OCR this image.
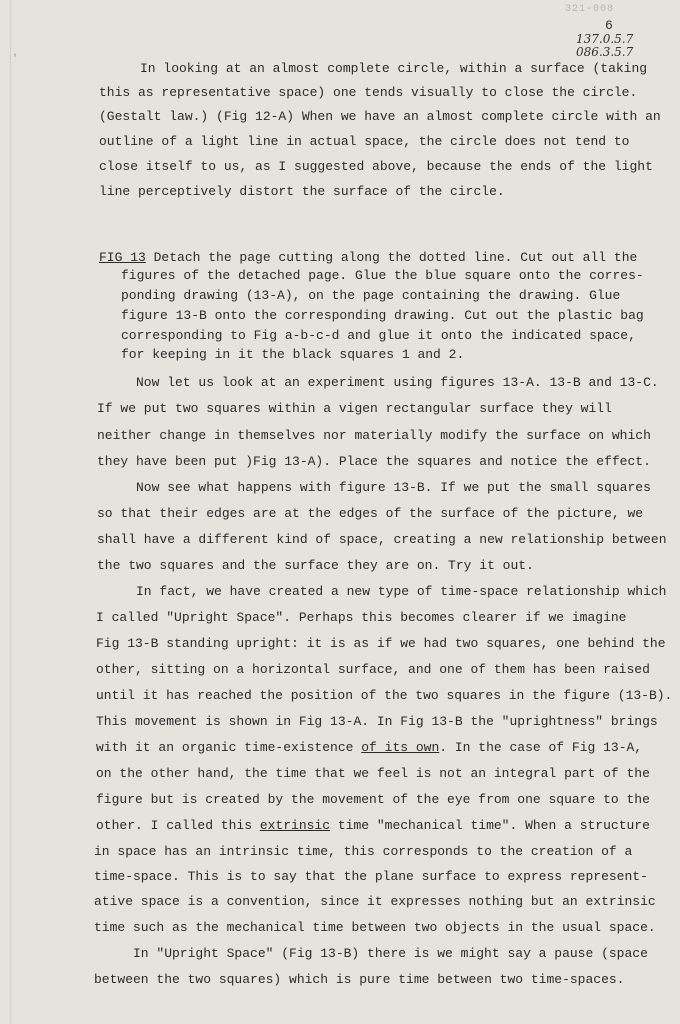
'
321-008
6
137.0.5.7
086.3.5.7
In looking at an almost complete circle, within a surface (taking
this as representative space) one tends visually to close the circle.
(Gestalt law.) (Fig 12-A) When we have an almost complete circle with an
outline of a light line in actual space, the circle does not tend to
close itself to us, as I suggested above, because the ends of the light
line perceptively distort the surface of the circle.
FIG 13 Detach the page cutting along the dotted line. Cut out all the
figures of the detached page. Glue the blue square onto the corres-
ponding drawing (13-A), on the page containing the drawing. Glue
figure 13-B onto the corresponding drawing. Cut out the plastic bag
corresponding to Fig a-b-c-d and glue it onto the indicated space,
for keeping in it the black squares 1 and 2.
Now let us look at an experiment using figures 13-A. 13-B and 13-C.
If we put two squares within a vigen rectangular surface they will
neither change in themselves nor materially modify the surface on which
they have been put )Fig 13-A). Place the squares and notice the effect.
Now see what happens with figure 13-B. If we put the small squares
so that their edges are at the edges of the surface of the picture, we
shall have a different kind of space, creating a new relationship between
the two squares and the surface they are on. Try it out.
In fact, we have created a new type of time-space relationship which
I called "Upright Space". Perhaps this becomes clearer if we imagine
Fig 13-B standing upright: it is as if we had two squares, one behind the
other, sitting on a horizontal surface, and one of them has been raised
until it has reached the position of the two squares in the figure (13-B).
This movement is shown in Fig 13-A. In Fig 13-B the "uprightness" brings
with it an organic time-existence of its own. In the case of Fig 13-A,
on the other hand, the time that we feel is not an integral part of the
figure but is created by the movement of the eye from one square to the
other. I called this extrinsic time "mechanical time". When a structure
in space has an intrinsic time, this corresponds to the creation of a
time-space. This is to say that the plane surface to express represent-
ative space is a convention, since it expresses nothing but an extrinsic
time such as the mechanical time between two objects in the usual space.
In "Upright Space" (Fig 13-B) there is we might say a pause (space
between the two squares) which is pure time between two time-spaces.
